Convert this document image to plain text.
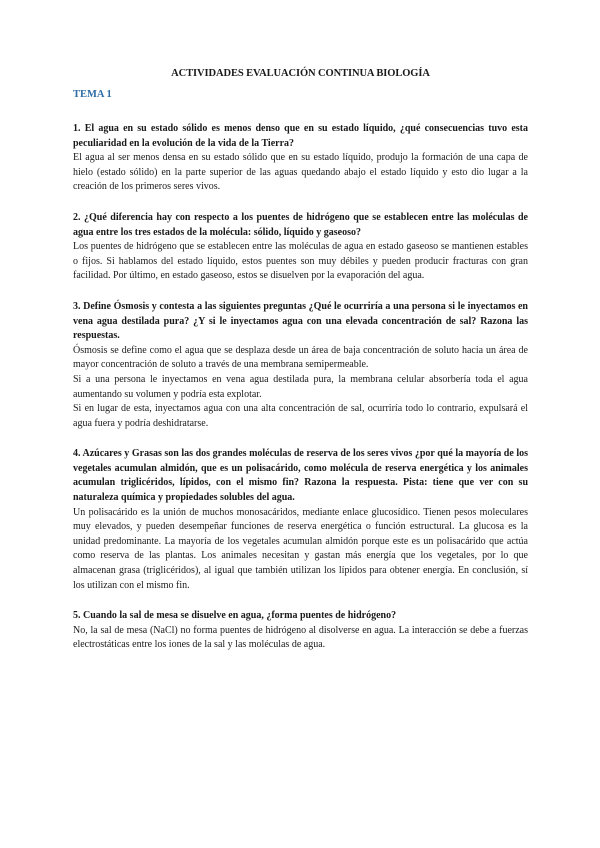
ACTIVIDADES EVALUACIÓN CONTINUA BIOLOGÍA

TEMA 1

1. El agua en su estado sólido es menos denso que en su estado líquido, ¿qué consecuencias tuvo esta peculiaridad en la evolución de la vida de la Tierra?

El agua al ser menos densa en su estado sólido que en su estado líquido, produjo la formación de una capa de hielo (estado sólido) en la parte superior de las aguas quedando abajo el estado líquido y esto dio lugar a la creación de los primeros seres vivos.

2. ¿Qué diferencia hay con respecto a los puentes de hidrógeno que se establecen entre las moléculas de agua entre los tres estados de la molécula: sólido, líquido y gaseoso?

Los puentes de hidrógeno que se establecen entre las moléculas de agua en estado gaseoso se mantienen estables o fijos. Si hablamos del estado líquido, estos puentes son muy débiles y pueden producir fracturas con gran facilidad. Por último, en estado gaseoso, estos se disuelven por la evaporación del agua.

3. Define Ósmosis y contesta a las siguientes preguntas ¿Qué le ocurriría a una persona si le inyectamos en vena agua destilada pura? ¿Y si le inyectamos agua con una elevada concentración de sal? Razona las respuestas.

Ósmosis se define como el agua que se desplaza desde un área de baja concentración de soluto hacia un área de mayor concentración de soluto a través de una membrana semipermeable.

Si a una persona le inyectamos en vena agua destilada pura, la membrana celular absorbería toda el agua aumentando su volumen y podría esta explotar.

Si en lugar de esta, inyectamos agua con una alta concentración de sal, ocurriría todo lo contrario, expulsará el agua fuera y podría deshidratarse.

4. Azúcares y Grasas son las dos grandes moléculas de reserva de los seres vivos ¿por qué la mayoría de los vegetales acumulan almidón, que es un polisacárido, como molécula de reserva energética y los animales acumulan triglicéridos, lípidos, con el mismo fin? Razona la respuesta. Pista: tiene que ver con su naturaleza química y propiedades solubles del agua.

Un polisacárido es la unión de muchos monosacáridos, mediante enlace glucosídico. Tienen pesos moleculares muy elevados, y pueden desempeñar funciones de reserva energética o función estructural. La glucosa es la unidad predominante. La mayoría de los vegetales acumulan almidón porque este es un polisacárido que actúa como reserva de las plantas. Los animales necesitan y gastan más energía que los vegetales, por lo que almacenan grasa (triglicéridos), al igual que también utilizan los lípidos para obtener energía. En conclusión, sí los utilizan con el mismo fin.

5. Cuando la sal de mesa se disuelve en agua, ¿forma puentes de hidrógeno?

No, la sal de mesa (NaCl) no forma puentes de hidrógeno al disolverse en agua. La interacción se debe a fuerzas electrostáticas entre los iones de la sal y las moléculas de agua.
